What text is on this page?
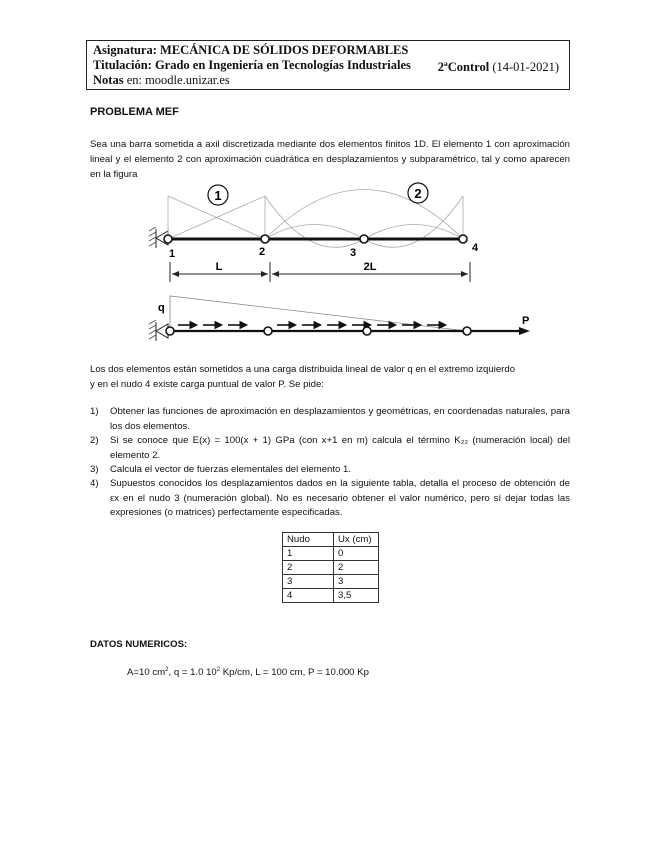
Asignatura: MECÁNICA DE SÓLIDOS DEFORMABLES
Titulación: Grado en Ingeniería en Tecnologías Industriales
Notas en: moodle.unizar.es
2ªControl (14-01-2021)
PROBLEMA MEF
Sea una barra sometida a axil discretizada mediante dos elementos finitos 1D. El elemento 1 con aproximación lineal y el elemento 2 con aproximación cuadrática en desplazamientos y subparamétrico, tal y como aparecen en la figura
1	2
1	2	3	4
L	2L
q
P
Los dos elementos están sometidos a una carga distribuida lineal de valor q en el extremo izquierdo
y en el nudo 4 existe carga puntual de valor P. Se pide:
1) Obtener las funciones de aproximación en desplazamientos y geométricas, en coordenadas naturales, para los dos elementos.
2) Si se conoce que E(x) = 100(x + 1) GPa (con x+1 en m) calcula el término K₂₂ (numeración local) del elemento 2.
3) Calcula el vector de fuerzas elementales del elemento 1.
4) Supuestos conocidos los desplazamientos dados en la siguiente tabla, detalla el proceso de obtención de εx en el nudo 3 (numeración global). No es necesario obtener el valor numérico, pero sí dejar todas las expresiones (o matrices) perfectamente especificadas.
Nudo	Ux (cm)
1	0
2	2
3	3
4	3,5
DATOS NUMERICOS:
A=10 $cm^2$, q = 1.0 $10^2$ Kp/cm, L = 100 cm, P = 10.000 Kp
